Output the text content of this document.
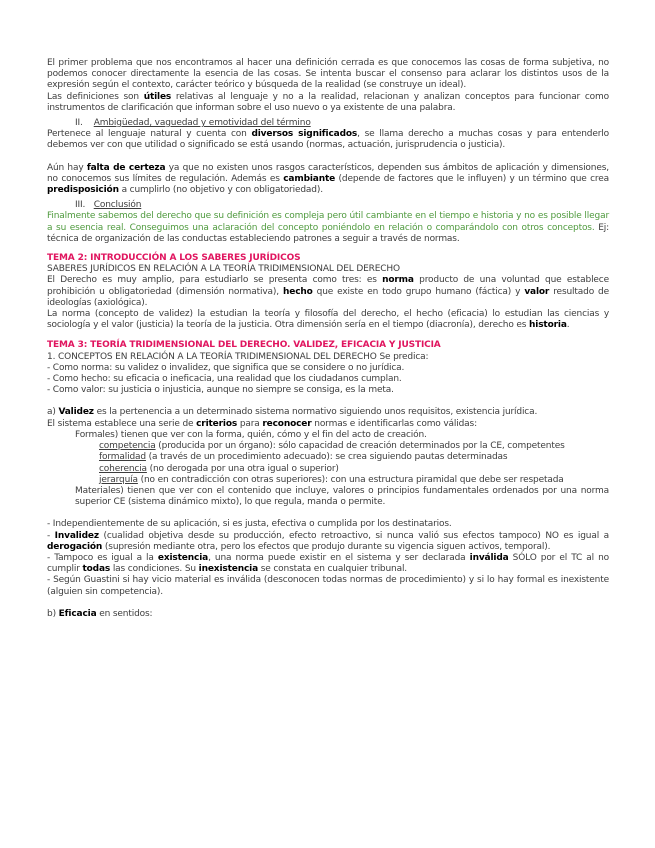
El primer problema que nos encontramos al hacer una definición cerrada es que conocemos las cosas de forma subjetiva, no podemos conocer directamente la esencia de las cosas. Se intenta buscar el consenso para aclarar los distintos usos de la expresión según el contexto, carácter teórico y búsqueda de la realidad (se construye un ideal).

Las definiciones son útiles relativas al lenguaje y no a la realidad, relacionan y analizan conceptos para funcionar como instrumentos de clarificación que informan sobre el uso nuevo o ya existente de una palabra.

II. Ambigüedad, vaguedad y emotividad del término

Pertenece al lenguaje natural y cuenta con diversos significados, se llama derecho a muchas cosas y para entenderlo debemos ver con que utilidad o significado se está usando (normas, actuación, jurisprudencia o justicia).

Aún hay falta de certeza ya que no existen unos rasgos característicos, dependen sus ámbitos de aplicación y dimensiones, no conocemos sus límites de regulación. Además es cambiante (depende de factores que le influyen) y un término que crea predisposición a cumplirlo (no objetivo y con obligatoriedad).

III. Conclusión

Finalmente sabemos del derecho que su definición es compleja pero útil cambiante en el tiempo e historia y no es posible llegar a su esencia real. Conseguimos una aclaración del concepto poniéndolo en relación o comparándolo con otros conceptos. Ej: técnica de organización de las conductas estableciendo patrones a seguir a través de normas.

TEMA 2: INTRODUCCIÓN A LOS SABERES JURÍDICOS
SABERES JURÍDICOS EN RELACIÓN A LA TEORÍA TRIDIMENSIONAL DEL DERECHO

El Derecho es muy amplio, para estudiarlo se presenta como tres: es norma producto de una voluntad que establece prohibición u obligatoriedad (dimensión normativa), hecho que existe en todo grupo humano (fáctica) y valor resultado de ideologías (axiológica).

La norma (concepto de validez) la estudian la teoría y filosofía del derecho, el hecho (eficacia) lo estudian las ciencias y sociología y el valor (justicia) la teoría de la justicia. Otra dimensión sería en el tiempo (diacronía), derecho es historia.

TEMA 3: TEORÍA TRIDIMENSIONAL DEL DERECHO. VALIDEZ, EFICACIA Y JUSTICIA
1. CONCEPTOS EN RELACIÓN A LA TEORÍA TRIDIMENSIONAL DEL DERECHO Se predica:
- Como norma: su validez o invalidez, que significa que se considere o no jurídica.
- Como hecho: su eficacia o ineficacia, una realidad que los ciudadanos cumplan.
- Como valor: su justicia o injusticia, aunque no siempre se consiga, es la meta.

a) Validez es la pertenencia a un determinado sistema normativo siguiendo unos requisitos, existencia jurídica.

El sistema establece una serie de criterios para reconocer normas e identificarlas como válidas:

Formales) tienen que ver con la forma, quién, cómo y el fin del acto de creación.

competencia (producida por un órgano): sólo capacidad de creación determinados por la CE, competentes

formalidad (a través de un procedimiento adecuado): se crea siguiendo pautas determinadas

coherencia (no derogada por una otra igual o superior)

jerarquía (no en contradicción con otras superiores): con una estructura piramidal que debe ser respetada

Materiales) tienen que ver con el contenido que incluye, valores o principios fundamentales ordenados por una norma superior CE (sistema dinámico mixto), lo que regula, manda o permite.

- Independientemente de su aplicación, si es justa, efectiva o cumplida por los destinatarios.

- Invalidez (cualidad objetiva desde su producción, efecto retroactivo, si nunca valió sus efectos tampoco) NO es igual a derogación (supresión mediante otra, pero los efectos que produjo durante su vigencia siguen activos, temporal).

- Tampoco es igual a la existencia, una norma puede existir en el sistema y ser declarada inválida SÓLO por el TC al no cumplir todas las condiciones. Su inexistencia se constata en cualquier tribunal.

- Según Guastini si hay vicio material es inválida (desconocen todas normas de procedimiento) y si lo hay formal es inexistente (alguien sin competencia).

b) Eficacia en sentidos:
